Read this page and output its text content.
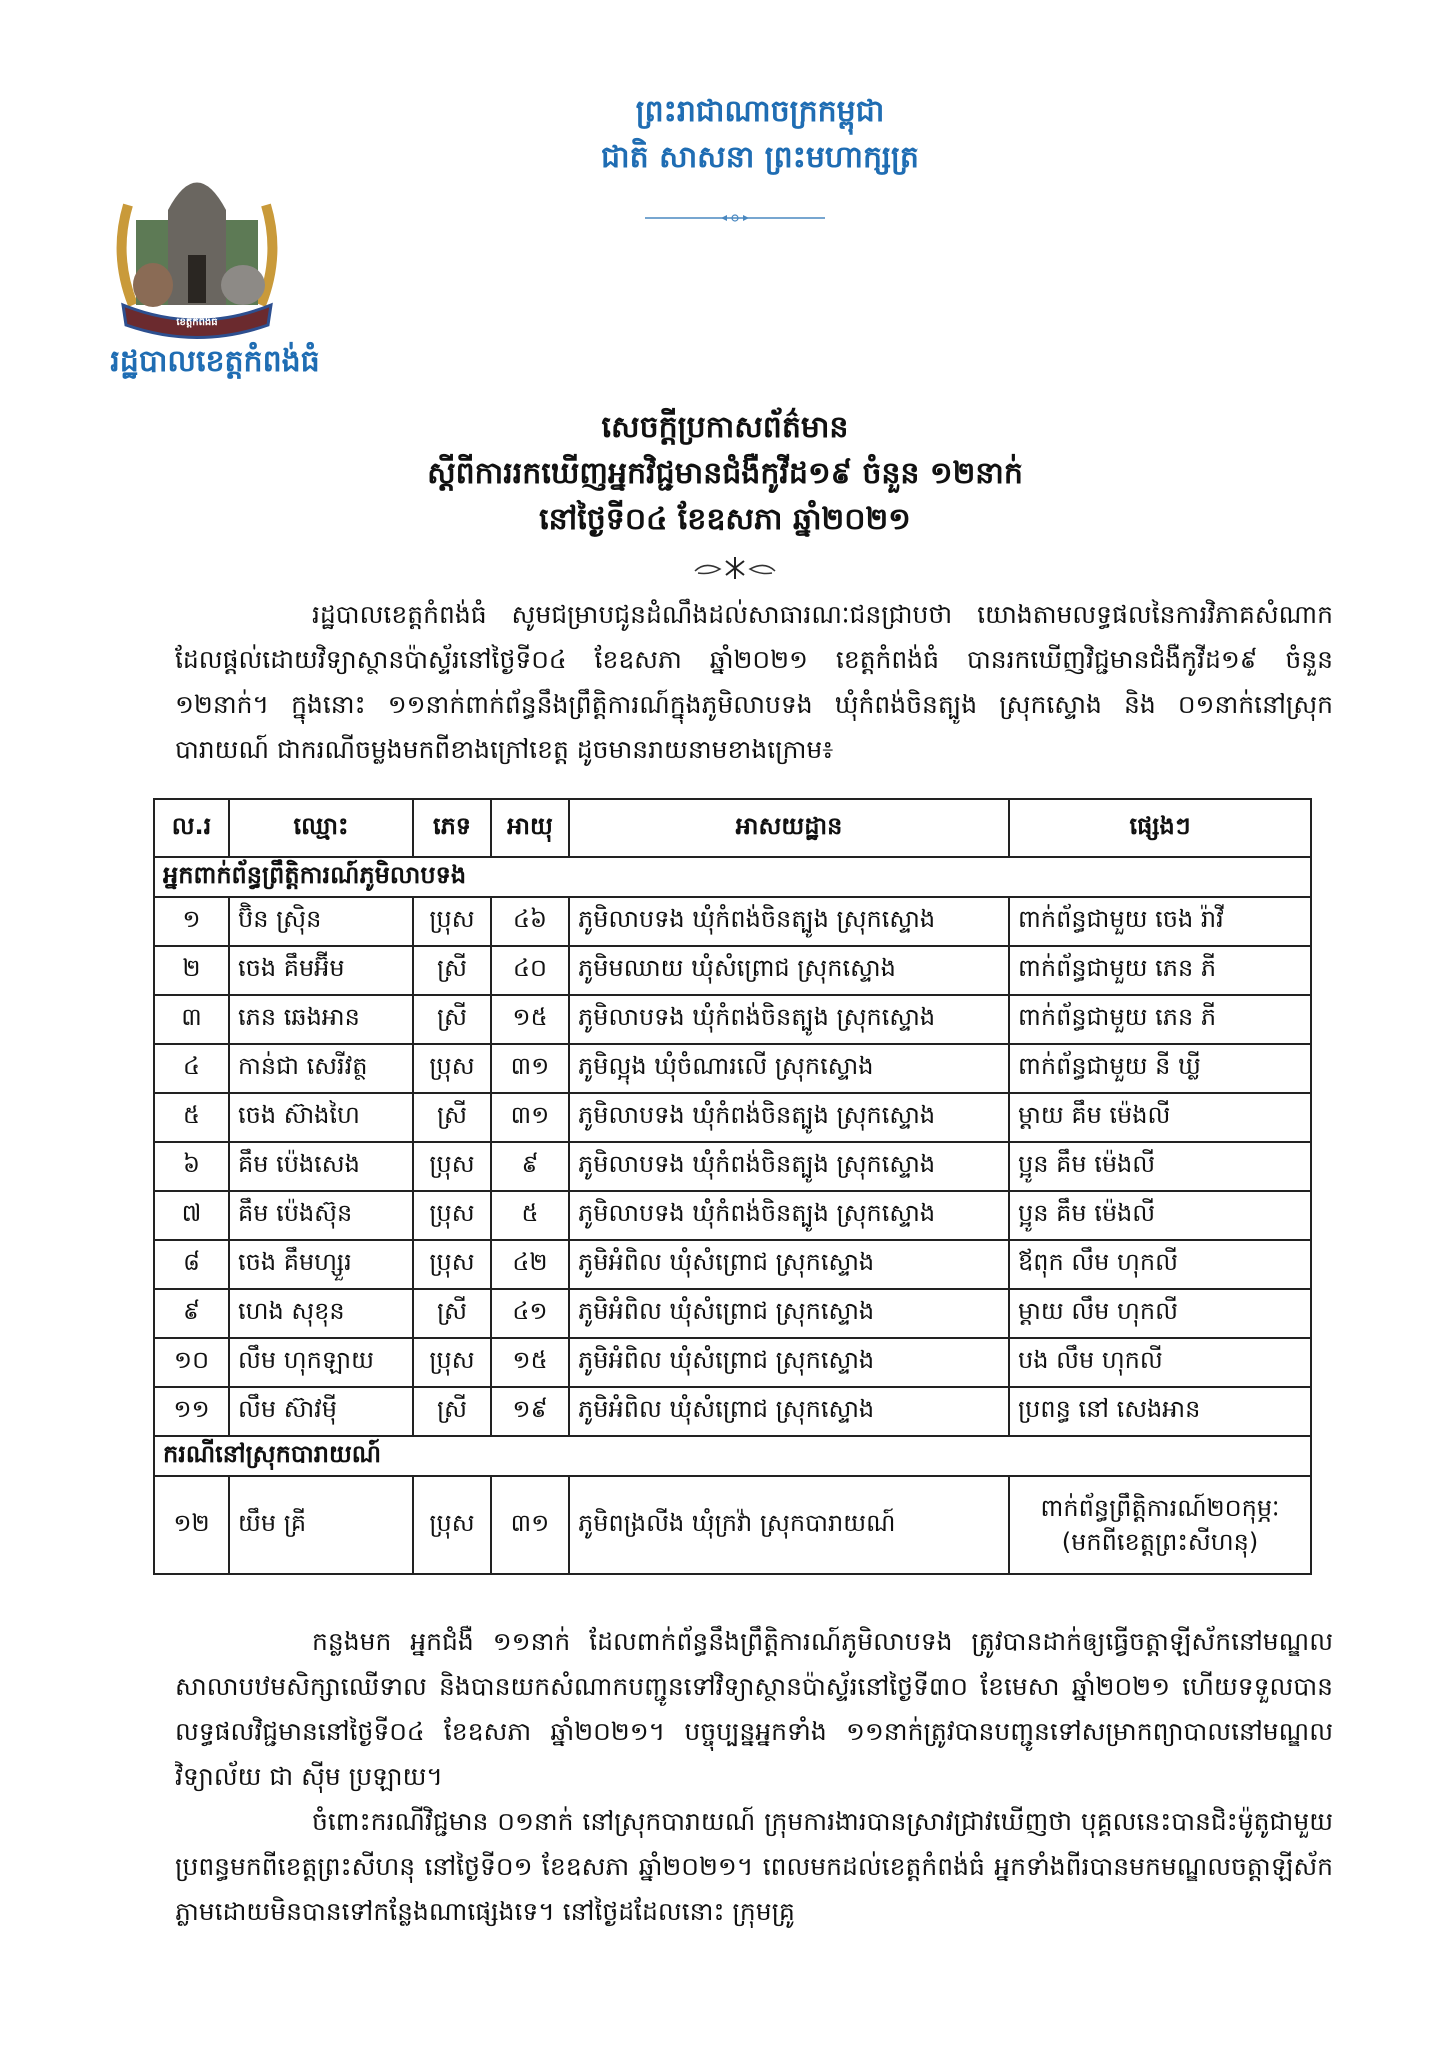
ព្រះរាជាណាចក្រកម្ពុជា
ជាតិ សាសនា ព្រះមហាក្សត្រ
ខេត្តកំពង់ធំ
រដ្ឋបាលខេត្តកំពង់ធំ
សេចក្ដីប្រកាសព័ត៌មាន
ស្ដីពីការរកឃើញអ្នកវិជ្ជមានជំងឺកូវីដ១៩ ចំនួន ១២នាក់
នៅថ្ងៃទី០៤ ខែឧសភា ឆ្នាំ២០២១
រដ្ឋបាលខេត្តកំពង់ធំ សូមជម្រាបជូនដំណឹងដល់សាធារណៈជនជ្រាបថា យោងតាមលទ្ធផលនៃការវិភាគសំណាកដែលផ្ដល់ដោយវិទ្យាស្ថានប៉ាស្ទ័រនៅថ្ងៃទី០៤ ខែឧសភា ឆ្នាំ២០២១ ខេត្តកំពង់ធំ បានរកឃើញវិជ្ជមានជំងឺកូវីដ១៩ ចំនួន ១២នាក់។ ក្នុងនោះ ១១នាក់ពាក់ព័ន្ធនឹងព្រឹត្តិការណ៍ក្នុងភូមិលាបទង ឃុំកំពង់ចិនត្បូង ស្រុកស្ទោង និង ០១នាក់នៅស្រុកបារាយណ៍ ជាករណីចម្លងមកពីខាងក្រៅខេត្ត ដូចមានរាយនាមខាងក្រោម៖
ល.រ	ឈ្មោះ	ភេទ	អាយុ	អាសយដ្ឋាន	ផ្សេងៗ
អ្នកពាក់ព័ន្ធព្រឹត្តិការណ៍ភូមិលាបទង					
១	ប៊ិន ស្រ៊ិន	ប្រុស	៤៦	ភូមិលាបទង ឃុំកំពង់ចិនត្បូង ស្រុកស្ទោង	ពាក់ព័ន្ធជាមួយ ចេង រ៉ាវី
២	ចេង គឹមអ៊ីម	ស្រី	៤០	ភូមិមឈាយ ឃុំសំព្រោជ ស្រុកស្ទោង	ពាក់ព័ន្ធជាមួយ ភេន ភី
៣	ភេន ឆេងអាន	ស្រី	១៥	ភូមិលាបទង ឃុំកំពង់ចិនត្បូង ស្រុកស្ទោង	ពាក់ព័ន្ធជាមួយ ភេន ភី
៤	កាន់ជា សេរីវត្ថ	ប្រុស	៣១	ភូមិល្អុង ឃុំចំណារលើ ស្រុកស្ទោង	ពាក់ព័ន្ធជាមួយ នី ឃ្លី
៥	ចេង ស៊ាងហៃ	ស្រី	៣១	ភូមិលាបទង ឃុំកំពង់ចិនត្បូង ស្រុកស្ទោង	ម្ដាយ គឹម ម៉េងលី
៦	គឹម ប៉េងសេង	ប្រុស	៩	ភូមិលាបទង ឃុំកំពង់ចិនត្បូង ស្រុកស្ទោង	ប្អូន គឹម ម៉េងលី
៧	គឹម ប៉េងស៊ុន	ប្រុស	៥	ភូមិលាបទង ឃុំកំពង់ចិនត្បូង ស្រុកស្ទោង	ប្អូន គឹម ម៉េងលី
៨	ចេង គឹមហ្សួរ	ប្រុស	៤២	ភូមិអំពិល ឃុំសំព្រោជ ស្រុកស្ទោង	ឪពុក លឹម ហុកលី
៩	ហេង សុខុន	ស្រី	៤១	ភូមិអំពិល ឃុំសំព្រោជ ស្រុកស្ទោង	ម្ដាយ លឹម ហុកលី
១០	លឹម ហុកឡាយ	ប្រុស	១៥	ភូមិអំពិល ឃុំសំព្រោជ ស្រុកស្ទោង	បង លឹម ហុកលី
១១	លឹម ស៊ាវម៉ី	ស្រី	១៩	ភូមិអំពិល ឃុំសំព្រោជ ស្រុកស្ទោង	ប្រពន្ធ នៅ សេងអាន
ករណីនៅស្រុកបារាយណ៍					
១២	យឹម គ្រី	ប្រុស	៣១	ភូមិពង្រលីង ឃុំក្រវ៉ា ស្រុកបារាយណ៍	ពាក់ព័ន្ធព្រឹត្តិការណ៍២០កុម្ភៈ
(មកពីខេត្តព្រះសីហនុ)
កន្លងមក អ្នកជំងឺ ១១នាក់ ដែលពាក់ព័ន្ធនឹងព្រឹត្តិការណ៍ភូមិលាបទង ត្រូវបានដាក់ឲ្យធ្វើចត្តាឡីស័កនៅមណ្ឌលសាលាបឋមសិក្សាឈើទាល និងបានយកសំណាកបញ្ជូនទៅវិទ្យាស្ថានប៉ាស្ទ័រនៅថ្ងៃទី៣០ ខែមេសា ឆ្នាំ២០២១ ហើយទទួលបានលទ្ធផលវិជ្ជមាននៅថ្ងៃទី០៤ ខែឧសភា ឆ្នាំ២០២១។ បច្ចុប្បន្នអ្នកទាំង ១១នាក់ត្រូវបានបញ្ជូនទៅសម្រាកព្យាបាលនៅមណ្ឌលវិទ្យាល័យ ជា ស៊ីម ប្រឡាយ។
ចំពោះករណីវិជ្ជមាន ០១នាក់ នៅស្រុកបារាយណ៍ ក្រុមការងារបានស្រាវជ្រាវឃើញថា បុគ្គលនេះបានជិះម៉ូតូជាមួយប្រពន្ធមកពីខេត្តព្រះសីហនុ នៅថ្ងៃទី០១ ខែឧសភា ឆ្នាំ២០២១។ ពេលមកដល់ខេត្តកំពង់ធំ អ្នកទាំងពីរបានមកមណ្ឌលចត្តាឡីស័កភ្លាមដោយមិនបានទៅកន្លែងណាផ្សេងទេ។ នៅថ្ងៃដដែលនោះ ក្រុមគ្រូ
